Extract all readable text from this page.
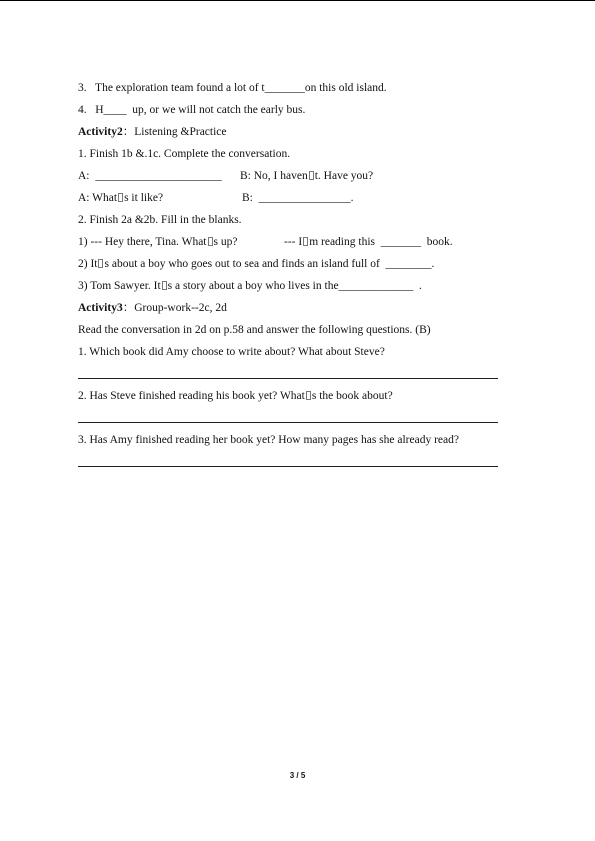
3.   The exploration team found a lot of t_______on this old island.
4.   H____  up, or we will not catch the early bus.
Activity2：Listening &Practice
1. Finish 1b &.1c. Complete the conversation.
A:  ______________________ B: No, I haven t. Have you?
A: What s it like?	B:  ________________.
2. Finish 2a &2b. Fill in the blanks.
1) --- Hey there, Tina. What s up?	--- I m reading this  _______  book.
2) It s about a boy who goes out to sea and finds an island full of  ________.
3) Tom Sawyer. It s a story about a boy who lives in the_____________  .
Activity3：Group-work--2c, 2d
Read the conversation in 2d on p.58 and answer the following questions. (B)
1. Which book did Amy choose to write about? What about Steve?
2. Has Steve finished reading his book yet? What s the book about?
3. Has Amy finished reading her book yet? How many pages has she already read?
3 / 5
